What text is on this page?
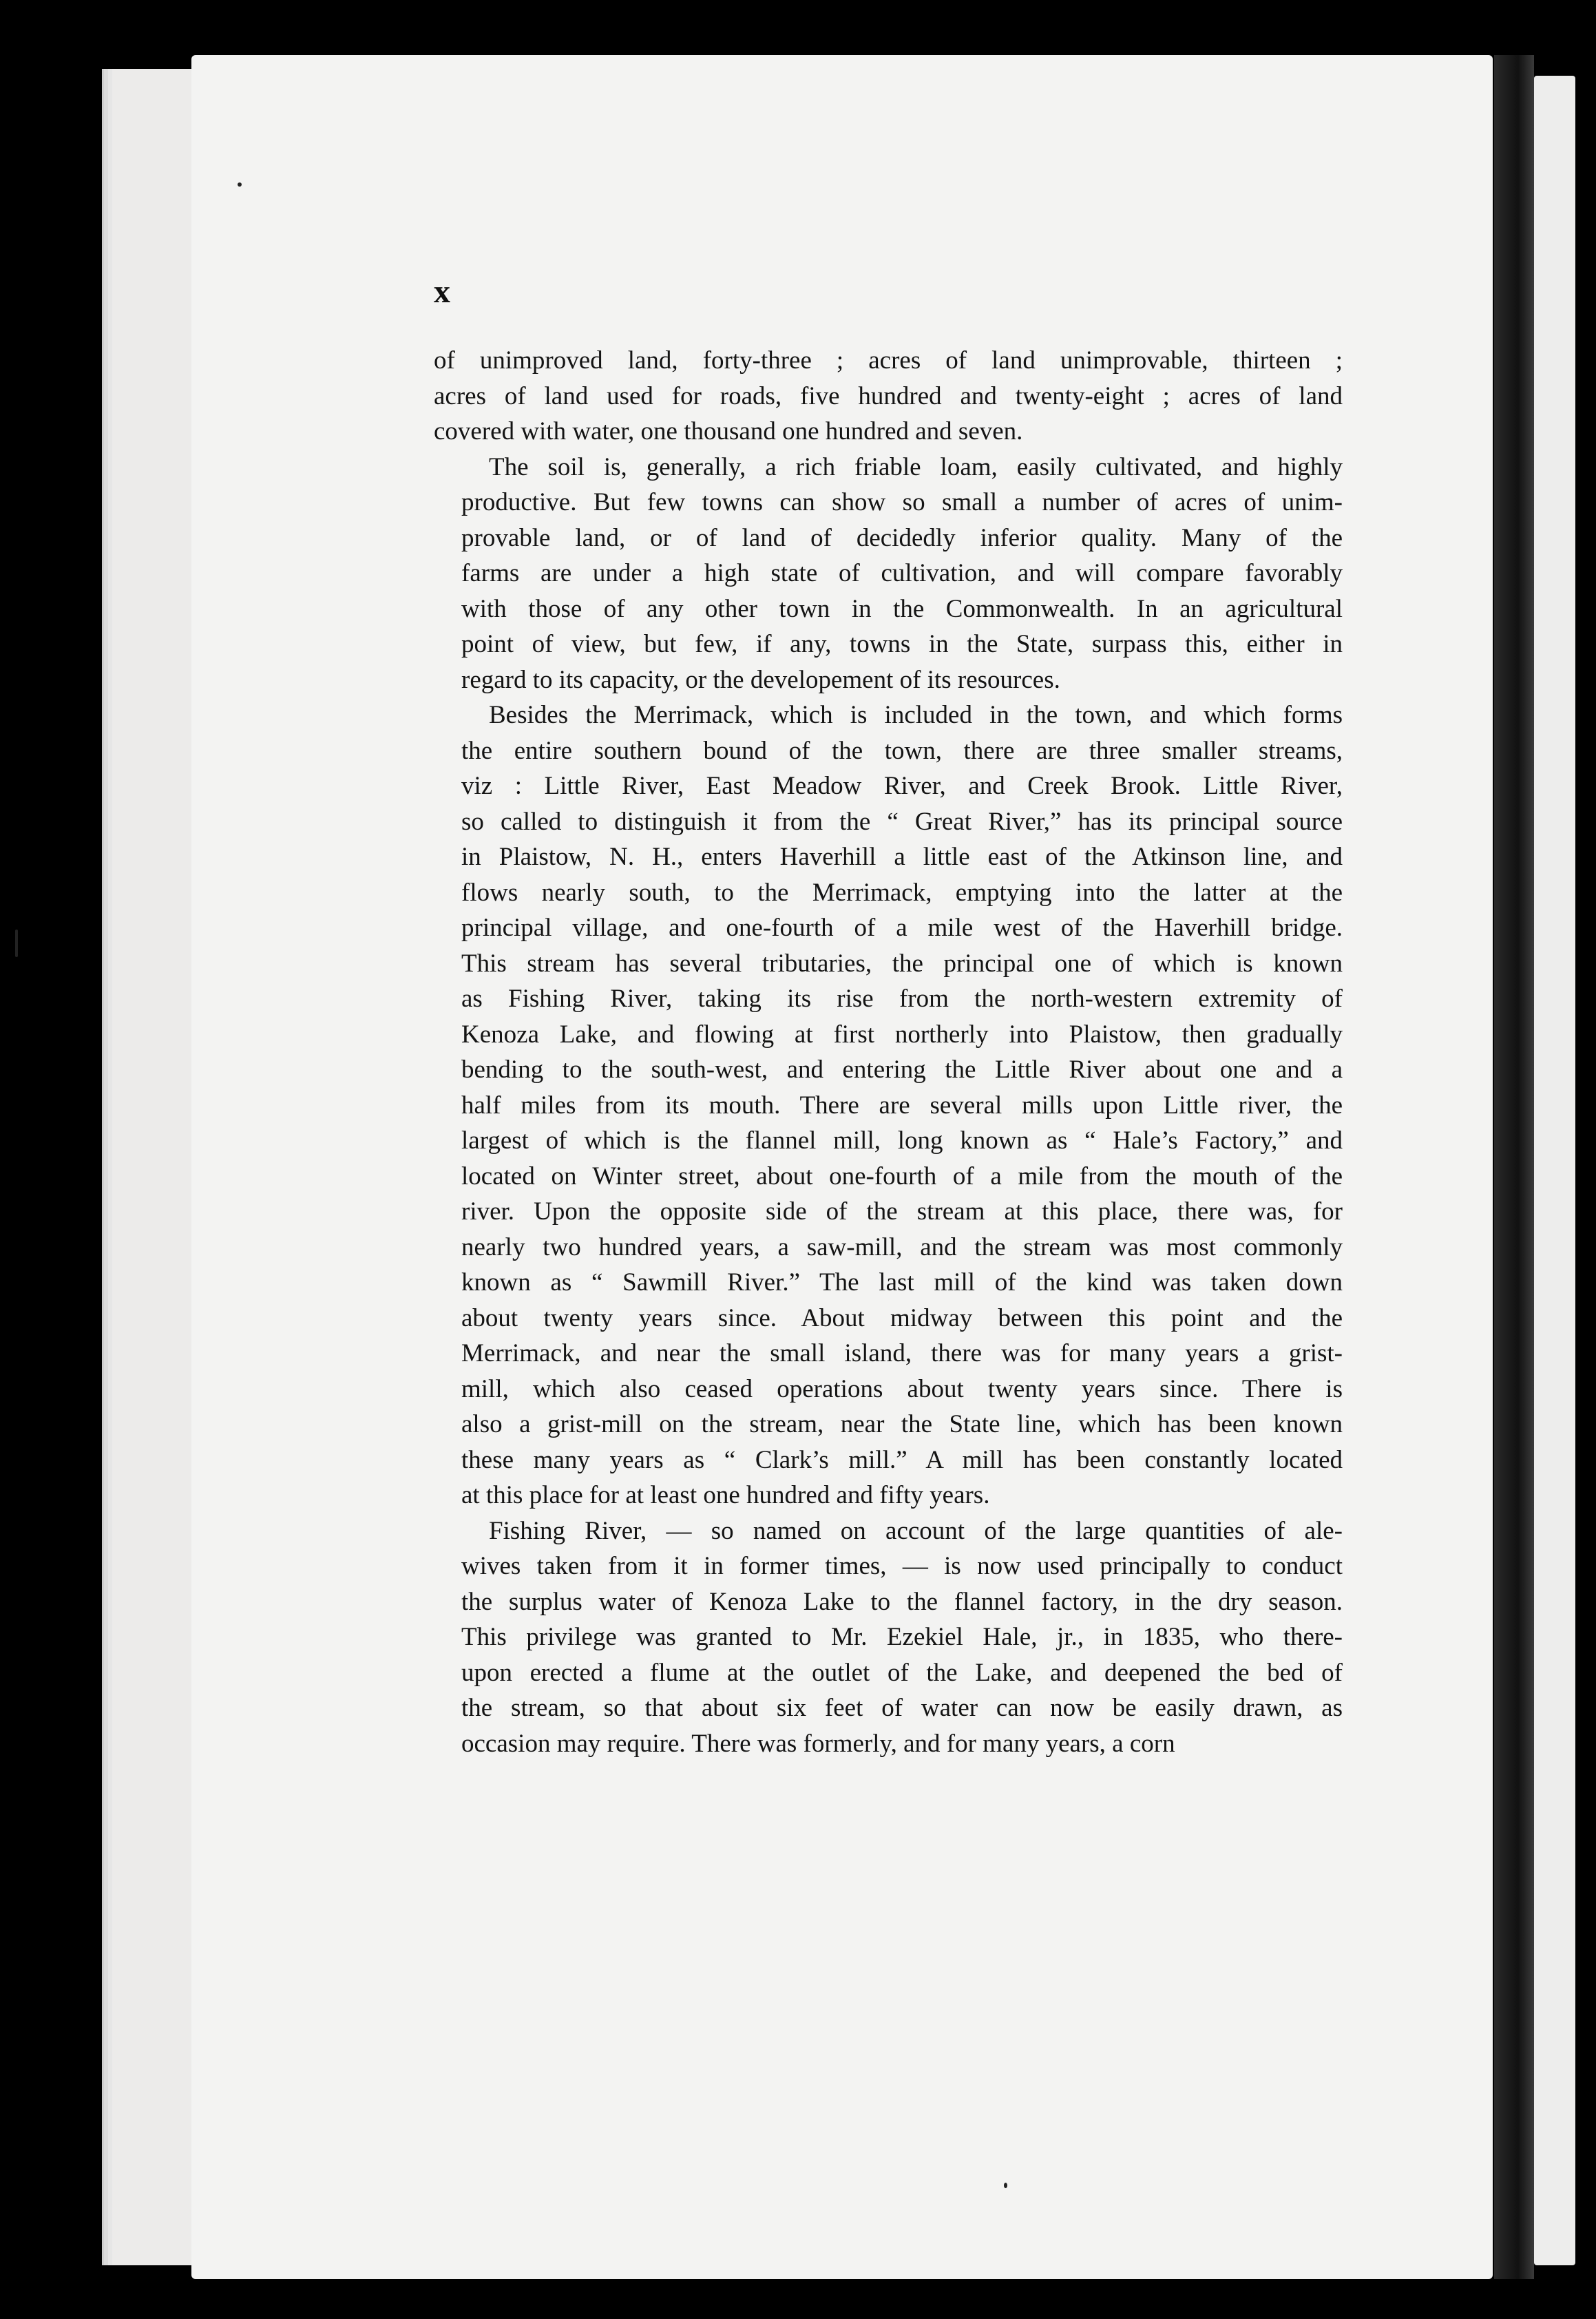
x
of unimproved land, forty-three ; acres of land unimprovable, thirteen ;
acres of land used for roads, five hundred and twenty-eight ; acres of land
covered with water, one thousand one hundred and seven.
The soil is, generally, a rich friable loam, easily cultivated, and highly
productive. But few towns can show so small a number of acres of unim-
provable land, or of land of decidedly inferior quality. Many of the
farms are under a high state of cultivation, and will compare favorably
with those of any other town in the Commonwealth. In an agricultural
point of view, but few, if any, towns in the State, surpass this, either in
regard to its capacity, or the developement of its resources.
Besides the Merrimack, which is included in the town, and which forms
the entire southern bound of the town, there are three smaller streams,
viz : Little River, East Meadow River, and Creek Brook. Little River,
so called to distinguish it from the “ Great River,” has its principal source
in Plaistow, N. H., enters Haverhill a little east of the Atkinson line, and
flows nearly south, to the Merrimack, emptying into the latter at the
principal village, and one-fourth of a mile west of the Haverhill bridge.
This stream has several tributaries, the principal one of which is known
as Fishing River, taking its rise from the north-western extremity of
Kenoza Lake, and flowing at first northerly into Plaistow, then gradually
bending to the south-west, and entering the Little River about one and a
half miles from its mouth. There are several mills upon Little river, the
largest of which is the flannel mill, long known as “ Hale’s Factory,” and
located on Winter street, about one-fourth of a mile from the mouth of the
river. Upon the opposite side of the stream at this place, there was, for
nearly two hundred years, a saw-mill, and the stream was most commonly
known as “ Sawmill River.” The last mill of the kind was taken down
about twenty years since. About midway between this point and the
Merrimack, and near the small island, there was for many years a grist-
mill, which also ceased operations about twenty years since. There is
also a grist-mill on the stream, near the State line, which has been known
these many years as “ Clark’s mill.” A mill has been constantly located
at this place for at least one hundred and fifty years.
Fishing River, — so named on account of the large quantities of ale-
wives taken from it in former times, — is now used principally to conduct
the surplus water of Kenoza Lake to the flannel factory, in the dry season.
This privilege was granted to Mr. Ezekiel Hale, jr., in 1835, who there-
upon erected a flume at the outlet of the Lake, and deepened the bed of
the stream, so that about six feet of water can now be easily drawn, as
occasion may require. There was formerly, and for many years, a corn
